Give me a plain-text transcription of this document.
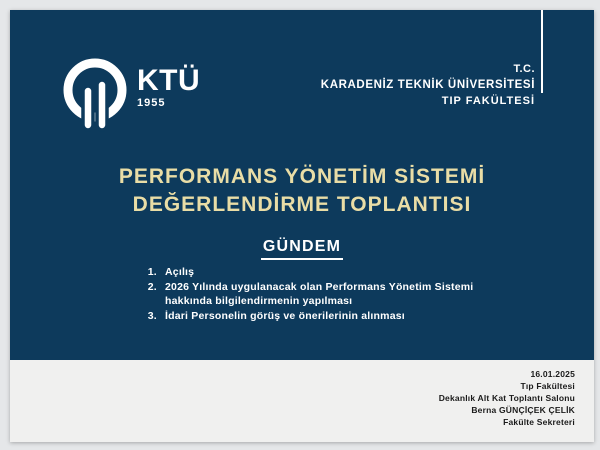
KTÜ
1955
T.C.
KARADENİZ TEKNİK ÜNİVERSİTESİ
TIP FAKÜLTESİ
PERFORMANS YÖNETİM SİSTEMİ
DEĞERLENDİRME TOPLANTISI
GÜNDEM
1. Açılış
2. 2026 Yılında uygulanacak olan Performans Yönetim Sistemi hakkında bilgilendirmenin yapılması
3. İdari Personelin görüş ve önerilerinin alınması
16.01.2025
Tıp Fakültesi
Dekanlık Alt Kat Toplantı Salonu
Berna GÜNÇİÇEK ÇELİK
Fakülte Sekreteri
